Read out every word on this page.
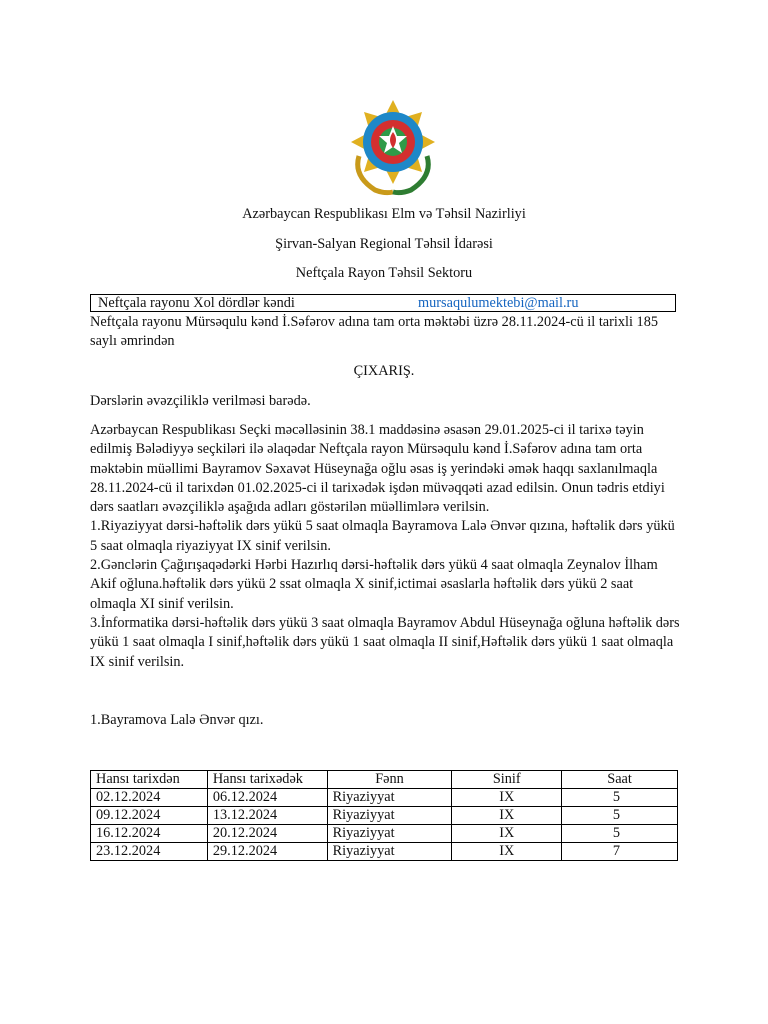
Azərbaycan Respublikası Elm və Təhsil Nazirliyi
Şirvan-Salyan Regional Təhsil İdarəsi
Neftçala Rayon Təhsil Sektoru
Neftçala rayonu Xol dördlər kəndi	mursaqulumektebi@mail.ru
Neftçala rayonu Mürsəqulu kənd İ.Səfərov adına tam orta məktəbi üzrə 28.11.2024-cü il tarixli 185 saylı əmrindən
ÇIXARIŞ.
Dərslərin əvəzçiliklə verilməsi barədə.

Azərbaycan Respublikası Seçki məcəlləsinin 38.1 maddəsinə əsasən 29.01.2025-ci il tarixə təyin edilmiş Bələdiyyə seçkiləri ilə əlaqədar Neftçala rayon Mürsəqulu kənd İ.Səfərov adına tam orta məktəbin müəllimi Bayramov Səxavət Hüseynağa oğlu əsas iş yerindəki əmək haqqı saxlanılmaqla 28.11.2024-cü il tarixdən 01.02.2025-ci il tarixədək işdən müvəqqəti azad edilsin. Onun tədris etdiyi dərs saatları əvəzçiliklə aşağıda adları göstərilən müəllimlərə verilsin.

1.Riyaziyyat dərsi-həftəlik dərs yükü 5 saat olmaqla Bayramova Lalə Ənvər qızına, həftəlik dərs yükü 5 saat olmaqla riyaziyyat IX sinif verilsin.

2.Gənclərin Çağırışaqədərki Hərbi Hazırlıq dərsi-həftəlik dərs yükü 4 saat olmaqla Zeynalov İlham Akif oğluna.həftəlik dərs yükü 2 ssat olmaqla X sinif,ictimai əsaslarla həftəlik dərs yükü 2 saat olmaqla XI sinif verilsin.

3.İnformatika dərsi-həftəlik dərs yükü 3 saat olmaqla Bayramov Abdul Hüseynağa oğluna həftəlik dərs yükü 1 saat olmaqla I sinif,həftəlik dərs yükü 1 saat olmaqla II sinif,Həftəlik dərs yükü 1 saat olmaqla IX sinif verilsin.

1.Bayramova Lalə Ənvər qızı.
Hansı tarixdən	Hansı tarixədək	Fənn	Sinif	Saat
02.12.2024	06.12.2024	Riyaziyyat	IX	5
09.12.2024	13.12.2024	Riyaziyyat	IX	5
16.12.2024	20.12.2024	Riyaziyyat	IX	5
23.12.2024	29.12.2024	Riyaziyyat	IX	7
